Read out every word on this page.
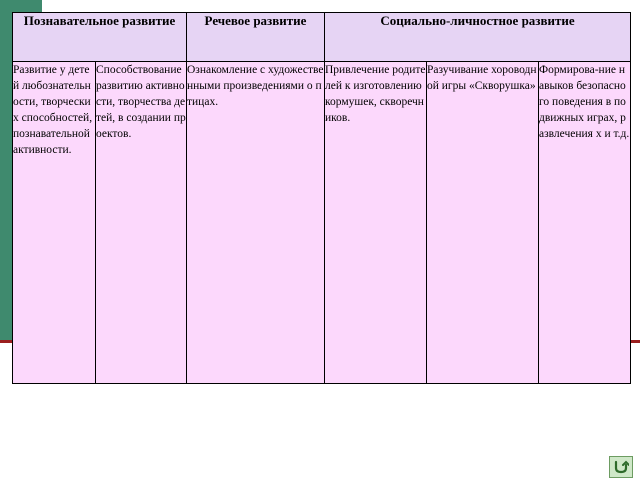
Познавательное развитие		Речевое развитие	Социально-личностное развитие		

Развитие у детей любознательности, творческих способностей, познавательной активности.	Способствование развитию активности, творчества детей, в создании проектов.	Ознакомление с художественными произведениями о птицах.	Привлечение родителей к изготовлению кормушек, скворечников.	Разучивание хороводной игры «Скворушка»	Формирова-ние навыков безопасного поведения в подвижных играх, развлечения х и т.д.
